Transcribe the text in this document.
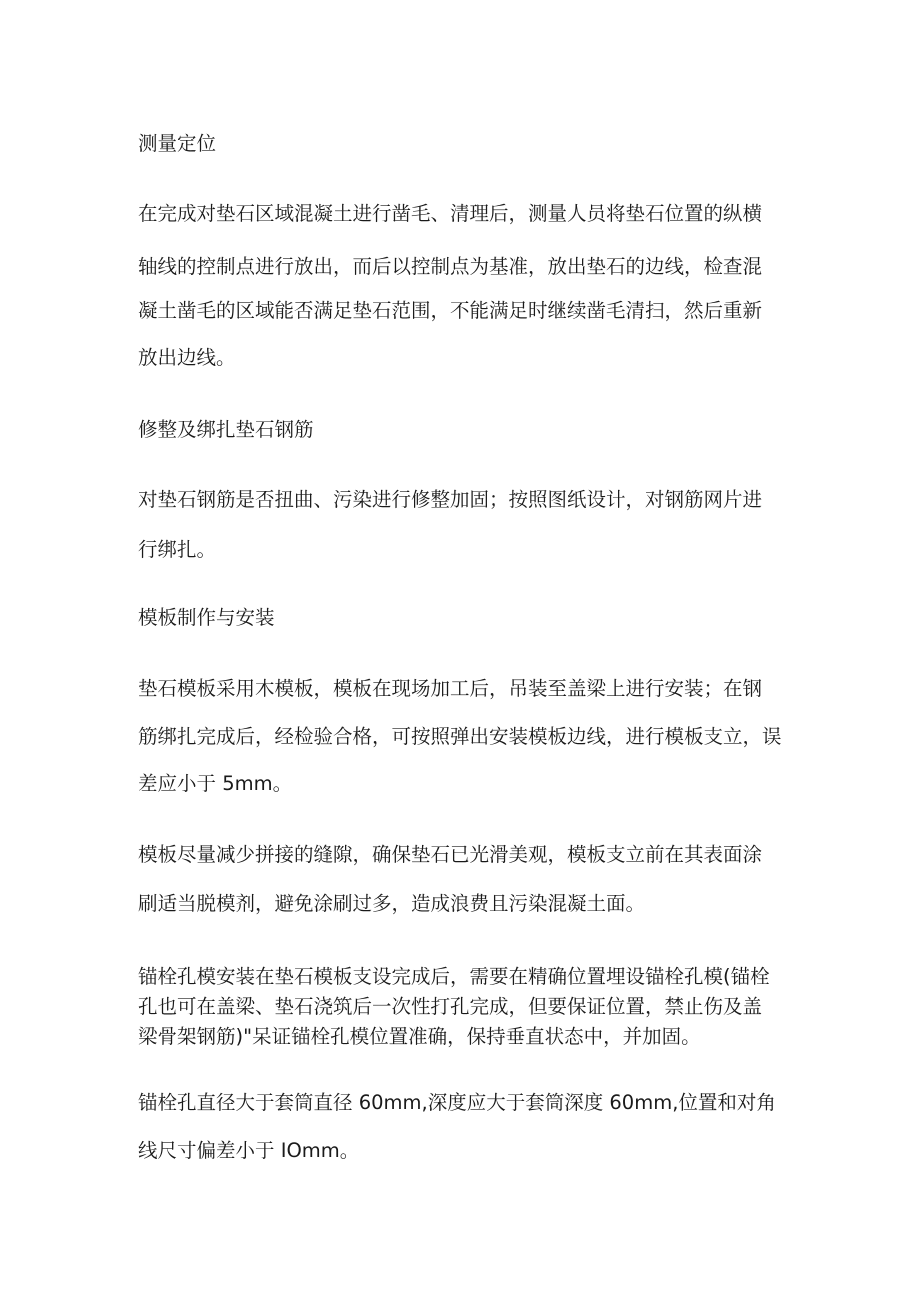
测量定位

在完成对垫石区域混凝土进行凿毛、清理后，测量人员将垫石位置的纵横

轴线的控制点进行放出，而后以控制点为基准，放出垫石的边线，检查混

凝土凿毛的区域能否满足垫石范围，不能满足时继续凿毛清扫，然后重新

放出边线。

修整及绑扎垫石钢筋

对垫石钢筋是否扭曲、污染进行修整加固；按照图纸设计，对钢筋网片进

行绑扎。

模板制作与安装

垫石模板采用木模板，模板在现场加工后，吊装至盖梁上进行安装；在钢

筋绑扎完成后，经检验合格，可按照弹出安装模板边线，进行模板支立，误

差应小于 5mm。

模板尽量减少拼接的缝隙，确保垫石已光滑美观，模板支立前在其表面涂

刷适当脱模剂，避免涂刷过多，造成浪费且污染混凝土面。

锚栓孔模安装在垫石模板支设完成后，需要在精确位置埋设锚栓孔模(锚栓

孔也可在盖梁、垫石浇筑后一次性打孔完成，但要保证位置，禁止伤及盖

梁骨架钢筋)"呆证锚栓孔模位置准确，保持垂直状态中，并加固。

锚栓孔直径大于套筒直径 60mm,深度应大于套筒深度 60mm,位置和对角

线尺寸偏差小于 IOmm。
